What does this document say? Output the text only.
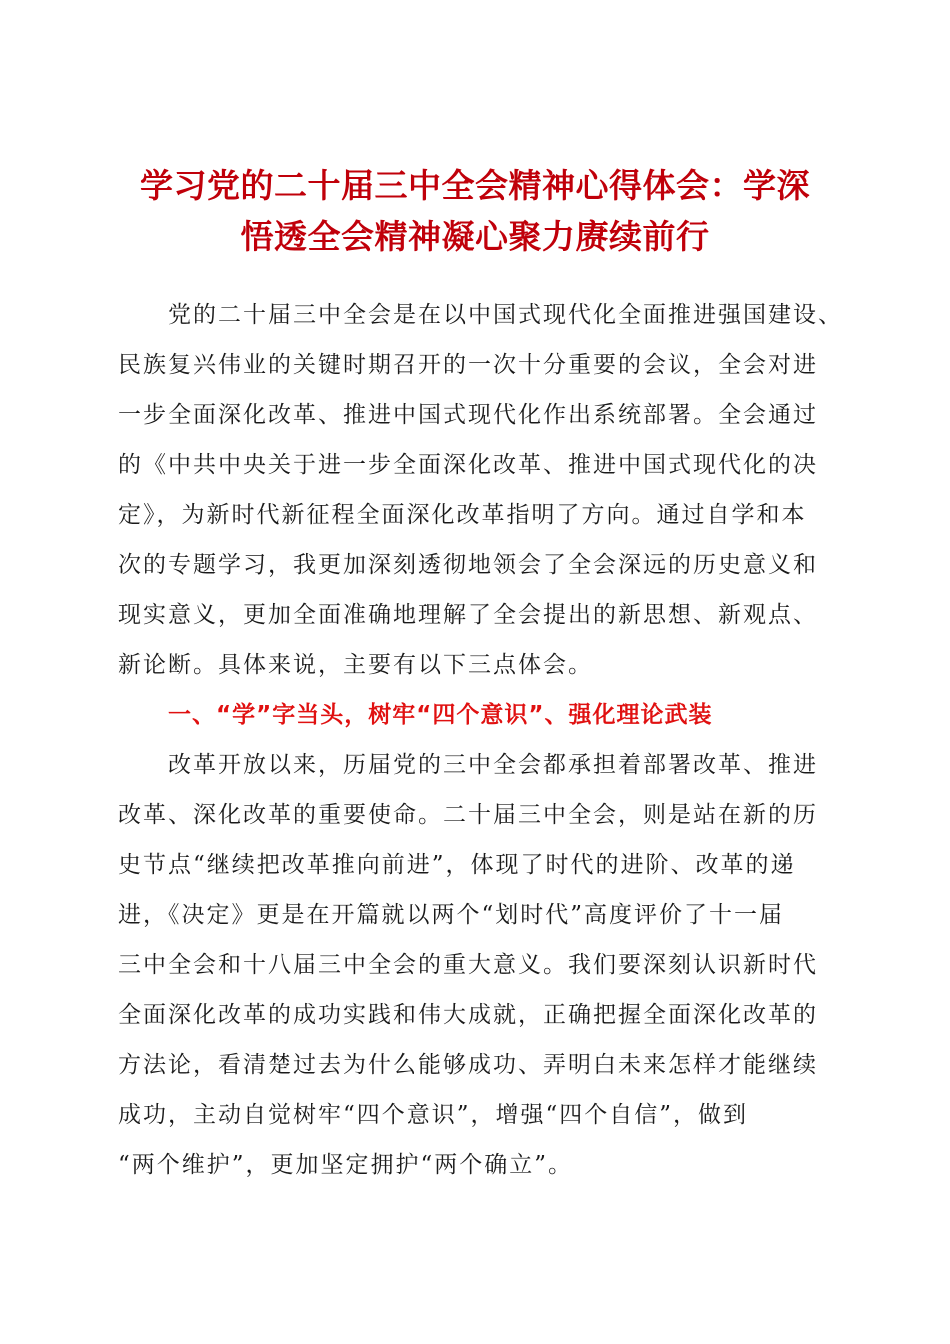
学习党的二十届三中全会精神心得体会：学深
悟透全会精神凝心聚力赓续前行
党的二十届三中全会是在以中国式现代化全面推进强国建设、
民族复兴伟业的关键时期召开的一次十分重要的会议，全会对进
一步全面深化改革、推进中国式现代化作出系统部署。全会通过
的《中共中央关于进一步全面深化改革、推进中国式现代化的决
定》，为新时代新征程全面深化改革指明了方向。通过自学和本
次的专题学习，我更加深刻透彻地领会了全会深远的历史意义和
现实意义，更加全面准确地理解了全会提出的新思想、新观点、
新论断。具体来说，主要有以下三点体会。
一、“学”字当头，树牢“四个意识”、强化理论武装
改革开放以来，历届党的三中全会都承担着部署改革、推进
改革、深化改革的重要使命。二十届三中全会，则是站在新的历
史节点“继续把改革推向前进”，体现了时代的进阶、改革的递
进，《决定》更是在开篇就以两个“划时代”高度评价了十一届
三中全会和十八届三中全会的重大意义。我们要深刻认识新时代
全面深化改革的成功实践和伟大成就，正确把握全面深化改革的
方法论，看清楚过去为什么能够成功、弄明白未来怎样才能继续
成功，主动自觉树牢“四个意识”，增强“四个自信”，做到
“两个维护”，更加坚定拥护“两个确立”。
